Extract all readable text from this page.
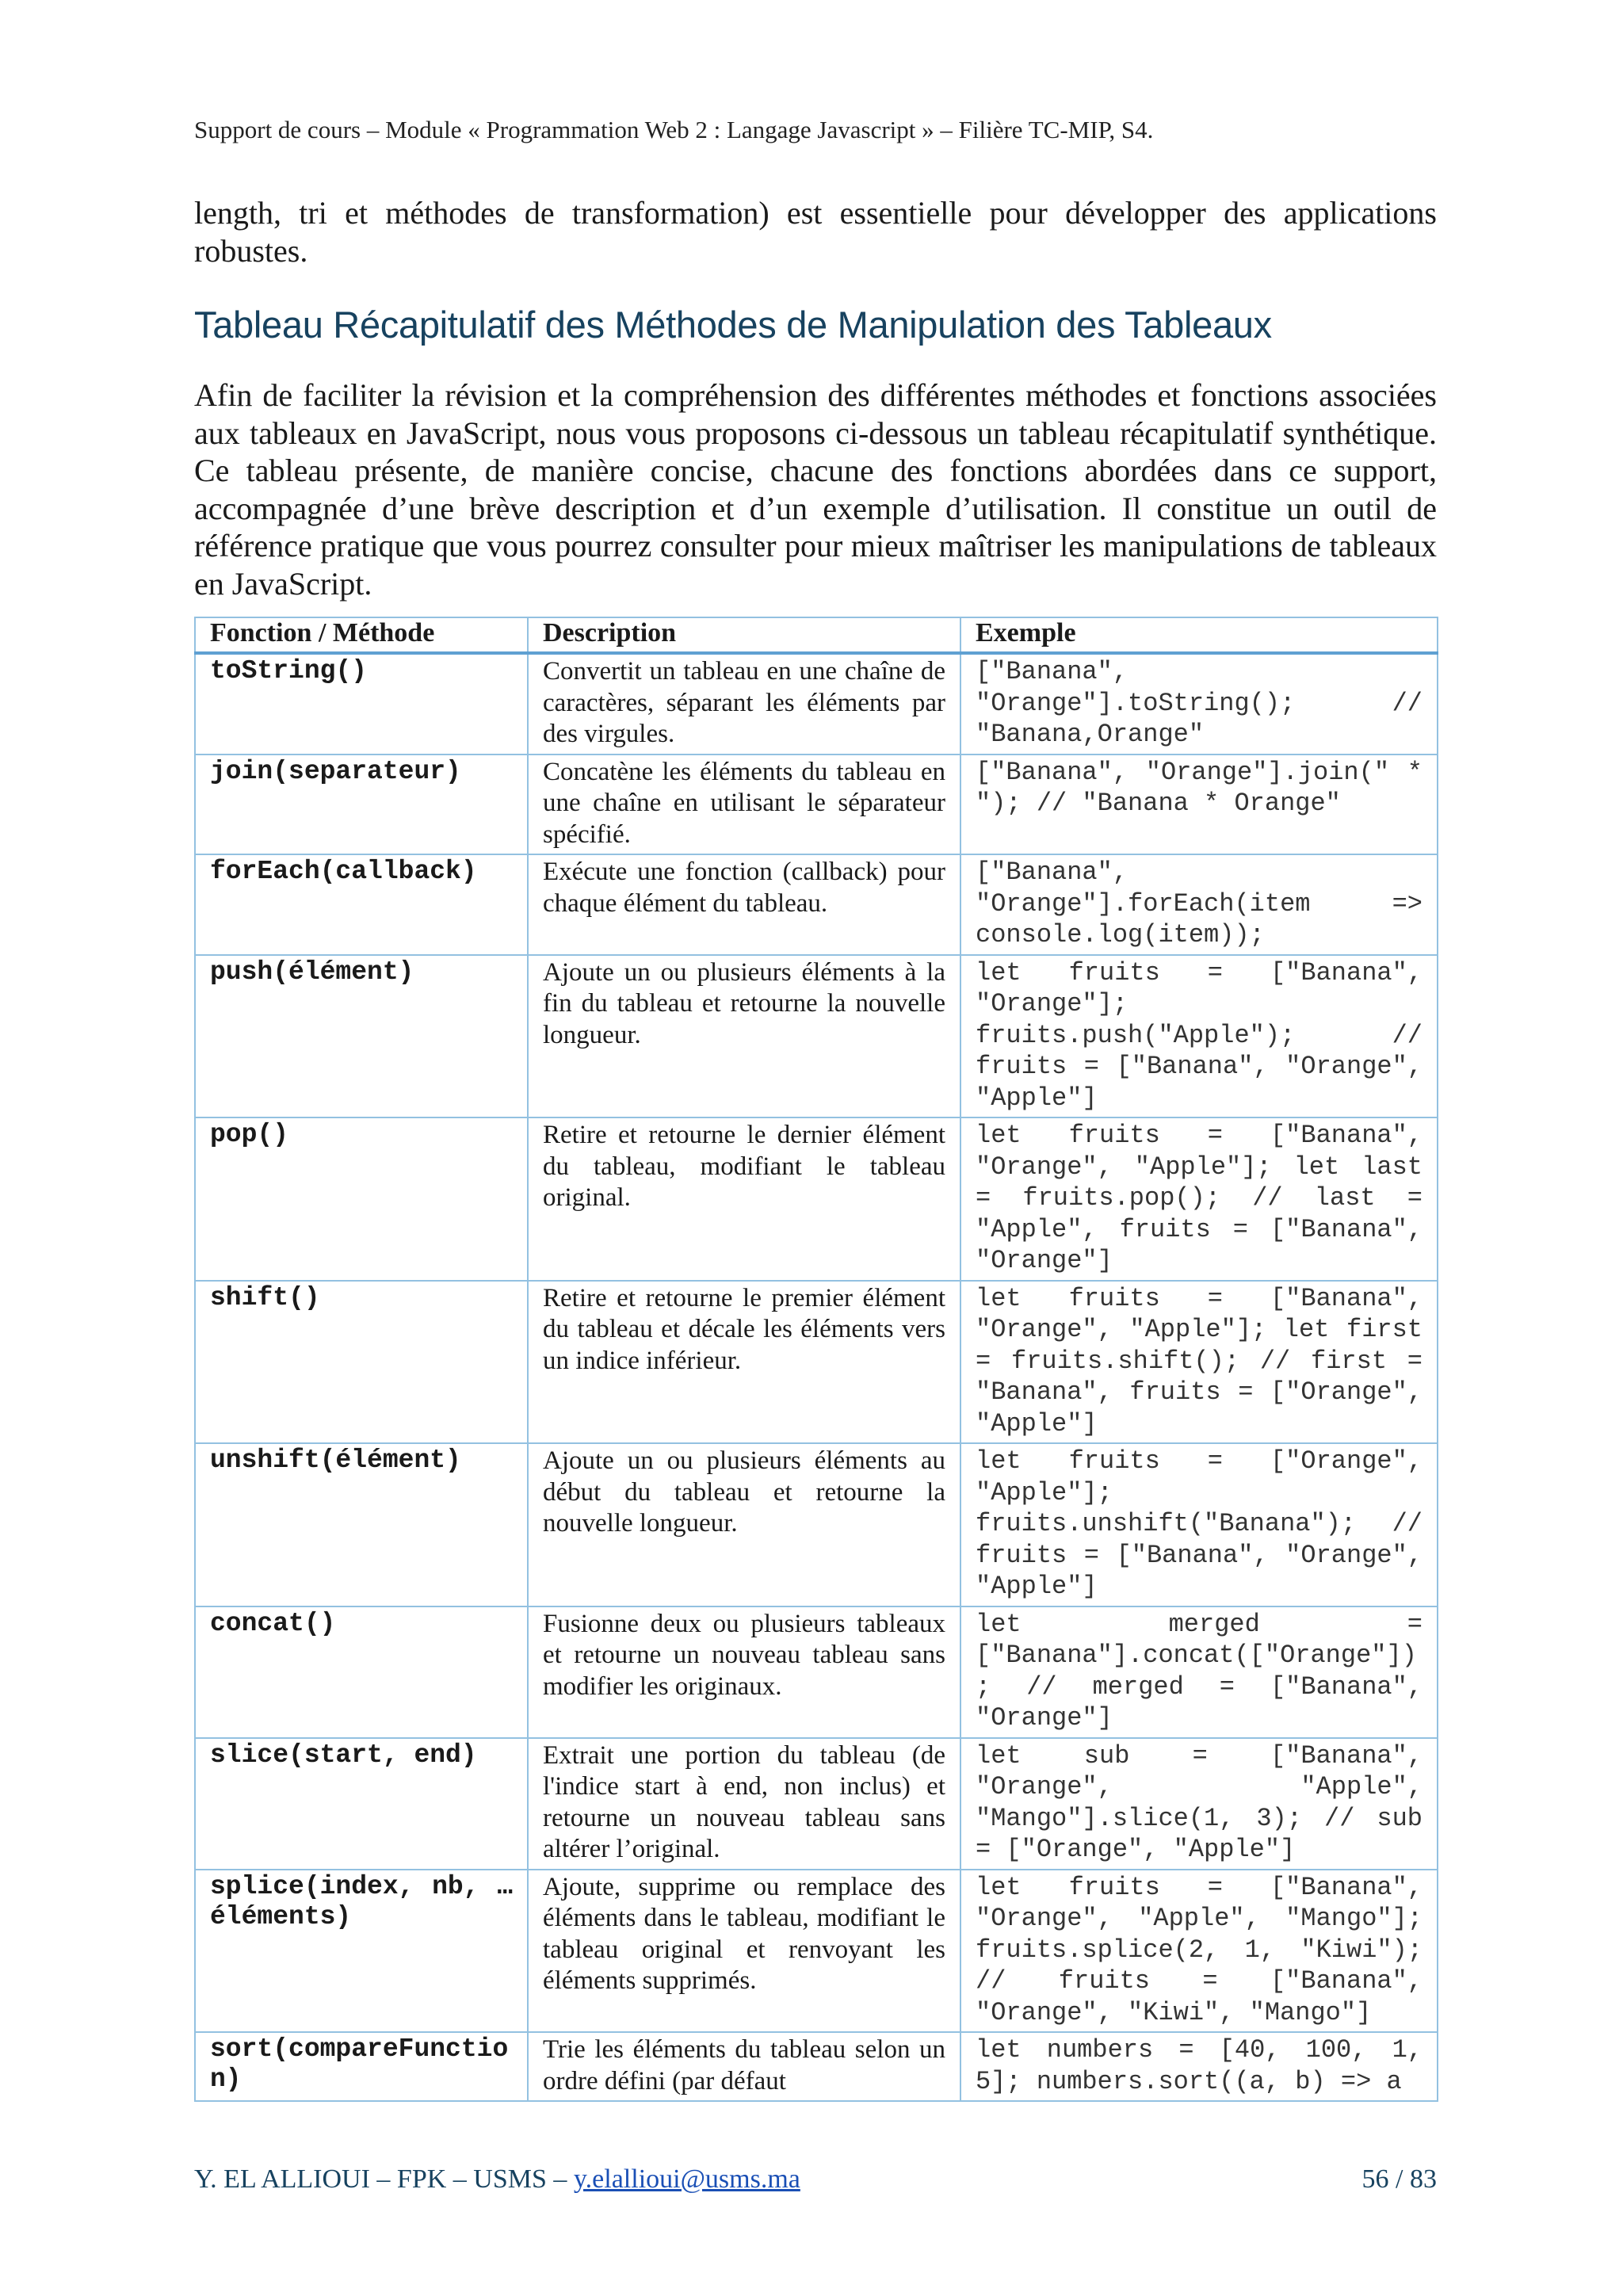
Support de cours – Module « Programmation Web 2 : Langage Javascript » – Filière TC-MIP, S4.
length, tri et méthodes de transformation) est essentielle pour développer des applications robustes.
Tableau Récapitulatif des Méthodes de Manipulation des Tableaux
Afin de faciliter la révision et la compréhension des différentes méthodes et fonctions associées aux tableaux en JavaScript, nous vous proposons ci-dessous un tableau récapitulatif synthétique. Ce tableau présente, de manière concise, chacune des fonctions abordées dans ce support, accompagnée d’une brève description et d’un exemple d’utilisation. Il constitue un outil de référence pratique que vous pourrez consulter pour mieux maîtriser les manipulations de tableaux en JavaScript.
Fonction / Méthode	Description	Exemple
toString()	Convertit un tableau en une chaîne de caractères, séparant les éléments par des virgules.	["Banana", "Orange"].toString(); // "Banana,Orange"
join(separateur)	Concatène les éléments du tableau en une chaîne en utilisant le séparateur spécifié.	["Banana", "Orange"].join(" * "); // "Banana * Orange"
forEach(callback)	Exécute une fonction (callback) pour chaque élément du tableau.	["Banana", "Orange"].forEach(item => console.log(item));
push(élément)	Ajoute un ou plusieurs éléments à la fin du tableau et retourne la nouvelle longueur.	let fruits = ["Banana", "Orange"]; fruits.push("Apple"); // fruits = ["Banana", "Orange", "Apple"]
pop()	Retire et retourne le dernier élément du tableau, modifiant le tableau original.	let fruits = ["Banana", "Orange", "Apple"]; let last = fruits.pop(); // last = "Apple", fruits = ["Banana", "Orange"]
shift()	Retire et retourne le premier élément du tableau et décale les éléments vers un indice inférieur.	let fruits = ["Banana", "Orange", "Apple"]; let first = fruits.shift(); // first = "Banana", fruits = ["Orange", "Apple"]
unshift(élément)	Ajoute un ou plusieurs éléments au début du tableau et retourne la nouvelle longueur.	let fruits = ["Orange", "Apple"]; fruits.unshift("Banana"); // fruits = ["Banana", "Orange", "Apple"]
concat()	Fusionne deux ou plusieurs tableaux et retourne un nouveau tableau sans modifier les originaux.	let merged = ["Banana"].concat(["Orange"]); // merged = ["Banana", "Orange"]
slice(start, end)	Extrait une portion du tableau (de l'indice start à end, non inclus) et retourne un nouveau tableau sans altérer l’original.	let sub = ["Banana", "Orange", "Apple", "Mango"].slice(1, 3); // sub = ["Orange", "Apple"]
splice(index, nb, …éléments)	Ajoute, supprime ou remplace des éléments dans le tableau, modifiant le tableau original et renvoyant les éléments supprimés.	let fruits = ["Banana", "Orange", "Apple", "Mango"]; fruits.splice(2, 1, "Kiwi"); // fruits = ["Banana", "Orange", "Kiwi", "Mango"]
sort(compareFunction)	Trie les éléments du tableau selon un ordre défini (par défaut	let numbers = [40, 100, 1, 5]; numbers.sort((a, b) => a
Y. EL ALLIOUI – FPK – USMS – y.elallioui@usms.ma	56 / 83
